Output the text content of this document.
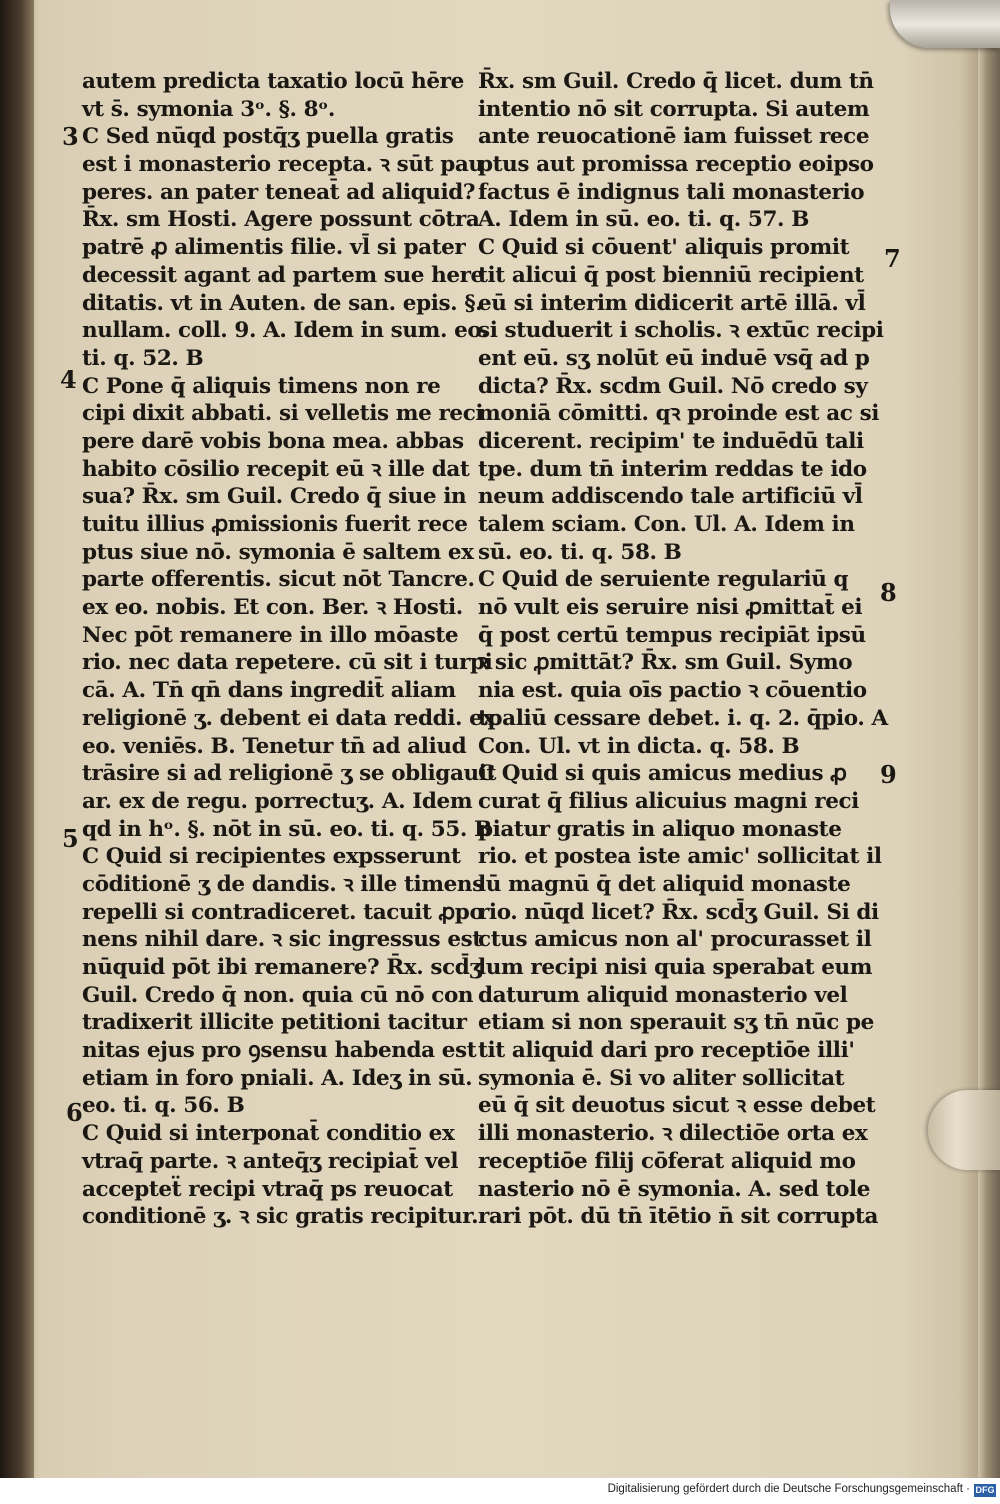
autem predicta taxatio locū hēre
vt s̄. symonia 3ᵒ. §. 8ᵒ.
C Sed nūqd postq̄ʒ puella gratis
est i monasterio recepta. ꝛ sūt pau
peres. an pater teneat̄ ad aliquid?
R̄x. sm Hosti. Agere possunt cōtra
patrē ꝓ alimentis filie. vl̄ si pater
decessit agant ad partem sue here
ditatis. vt in Auten. de san. epis. §.
nullam. coll. 9. A. Idem in sum. eo.
ti. q. 52. B
C Pone q̄ aliquis timens non re
cipi dixit abbati. si velletis me reci
pere darē vobis bona mea. abbas
habito cōsilio recepit eū ꝛ ille dat
sua? R̄x. sm Guil. Credo q̄ siue in
tuitu illius ꝓmissionis fuerit rece
ptus siue nō. symonia ē saltem ex
parte offerentis. sicut nōt Tancre.
ex eo. nobis. Et con. Ber. ꝛ Hosti.
Nec pōt remanere in illo mōaste
rio. nec data repetere. cū sit i turpi
cā. A. Tn̄ qn̄ dans ingredit̄ aliam
religionē ʒ. debent ei data reddi. ex
eo. veniēs. B. Tenetur tn̄ ad aliud
trāsire si ad religionē ʒ se obligauit
ar. ex de regu. porrectuʒ. A. Idem
qd in hᵒ. §. nōt in sū. eo. ti. q. 55. B
C Quid si recipientes expsserunt
cōditionē ʒ de dandis. ꝛ ille timens
repelli si contradiceret. tacuit ꝓpo
nens nihil dare. ꝛ sic ingressus est
nūquid pōt ibi remanere? R̄x. scd̄ʒ
Guil. Credo q̄ non. quia cū nō con
tradixerit illicite petitioni tacitur
nitas ejus pro ꝯsensu habenda est
etiam in foro pniali. A. Ideʒ in sū.
eo. ti. q. 56. B
C Quid si interponat̄ conditio ex
vtraq̄ parte. ꝛ anteq̄ʒ recipiat̄ vel
accepteẗ recipi vtraq̄ ps reuocat
conditionē ʒ. ꝛ sic gratis recipitur.
R̄x. sm Guil. Credo q̄ licet. dum tn̄
intentio nō sit corrupta. Si autem
ante reuocationē iam fuisset rece
ptus aut promissa receptio eoipso
factus ē indignus tali monasterio
A. Idem in sū. eo. ti. q. 57. B
C Quid si cōuent' aliquis promit
tit alicui q̄ post bienniū recipient
eū si interim didicerit artē illā. vl̄
si studuerit i scholis. ꝛ extūc recipi
ent eū. sʒ nolūt eū induē vsq̄ ad p
dicta? R̄x. scdm Guil. Nō credo sy
moniā cōmitti. qꝛ proinde est ac si
dicerent. recipim' te induēdū tali
tpe. dum tn̄ interim reddas te ido
neum addiscendo tale artificiū vl̄
talem sciam. Con. Ul. A. Idem in
sū. eo. ti. q. 58. B
C Quid de seruiente regulariū q
nō vult eis seruire nisi ꝓmittat̄ ei
q̄ post certū tempus recipiāt ipsū
ꝛ sic ꝓmittāt? R̄x. sm Guil. Symo
nia est. quia oīs pactio ꝛ cōuentio
tpaliū cessare debet. i. q. 2. q̄pio. A
Con. Ul. vt in dicta. q. 58. B
C Quid si quis amicus medius ꝓ
curat q̄ filius alicuius magni reci
piatur gratis in aliquo monaste
rio. et postea iste amic' sollicitat il
lū magnū q̄ det aliquid monaste
rio. nūqd licet? R̄x. scd̄ʒ Guil. Si di
ctus amicus non al' procurasset il
lum recipi nisi quia sperabat eum
daturum aliquid monasterio vel
etiam si non sperauit sʒ tn̄ nūc pe
tit aliquid dari pro receptiōe illi'
symonia ē. Si vo aliter sollicitat
eū q̄ sit deuotus sicut ꝛ esse debet
illi monasterio. ꝛ dilectiōe orta ex
receptiōe filij cōferat aliquid mo
nasterio nō ē symonia. A. sed tole
rari pōt. dū tn̄ ītētio n̄ sit corrupta
3
4
5
6
7
8
9
Digitalisierung gefördert durch die Deutsche Forschungsgemeinschaft · DFG
